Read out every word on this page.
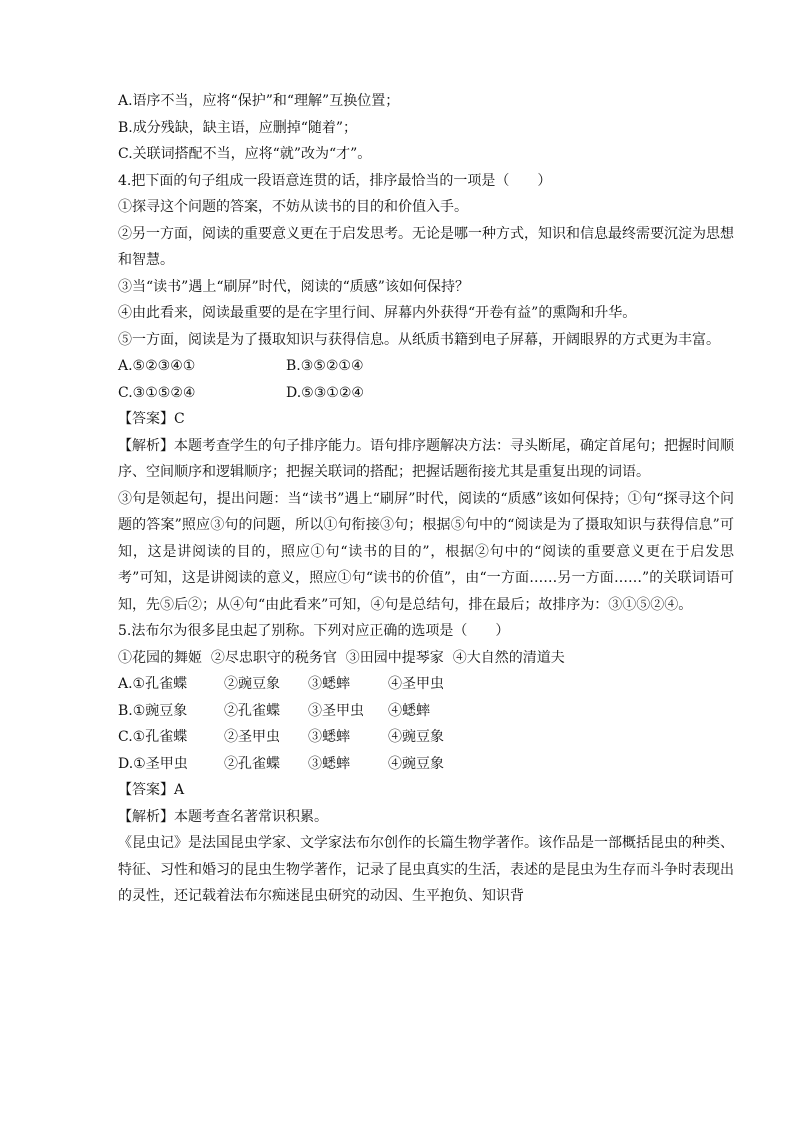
A.语序不当，应将“保护”和“理解”互换位置；
B.成分残缺，缺主语，应删掉“随着”；
C.关联词搭配不当，应将“就”改为“才”。
4.把下面的句子组成一段语意连贯的话，排序最恰当的一项是（　　）
①探寻这个问题的答案，不妨从读书的目的和价值入手。
②另一方面，阅读的重要意义更在于启发思考。无论是哪一种方式，知识和信息最终需要沉淀为思想和智慧。
③当“读书”遇上“刷屏”时代，阅读的“质感”该如何保持？
④由此看来，阅读最重要的是在字里行间、屏幕内外获得“开卷有益”的熏陶和升华。
⑤一方面，阅读是为了摄取知识与获得信息。从纸质书籍到电子屏幕，开阔眼界的方式更为丰富。
A.⑤②③④①	B.③⑤②①④
C.③①⑤②④	D.⑤③①②④
【答案】C
【解析】本题考查学生的句子排序能力。语句排序题解决方法：寻头断尾，确定首尾句；把握时间顺序、空间顺序和逻辑顺序；把握关联词的搭配；把握话题衔接尤其是重复出现的词语。
③句是领起句，提出问题：当“读书”遇上“刷屏”时代，阅读的“质感”该如何保持；①句“探寻这个问题的答案”照应③句的问题，所以①句衔接③句；根据⑤句中的“阅读是为了摄取知识与获得信息”可知，这是讲阅读的目的，照应①句“读书的目的”，根据②句中的“阅读的重要意义更在于启发思考”可知，这是讲阅读的意义，照应①句“读书的价值”，由“一方面……另一方面……”的关联词语可知，先⑤后②；从④句“由此看来”可知，④句是总结句，排在最后；故排序为：③①⑤②④。
5.法布尔为很多昆虫起了别称。下列对应正确的选项是（　　）
①花园的舞姬  ②尽忠职守的税务官  ③田园中提琴家  ④大自然的清道夫
A.①孔雀蝶	②豌豆象	③蟋蟀	④圣甲虫
B.①豌豆象	②孔雀蝶	③圣甲虫	④蟋蟀
C.①孔雀蝶	②圣甲虫	③蟋蟀	④豌豆象
D.①圣甲虫	②孔雀蝶	③蟋蟀	④豌豆象
【答案】A
【解析】本题考查名著常识积累。
《昆虫记》是法国昆虫学家、文学家法布尔创作的长篇生物学著作。该作品是一部概括昆虫的种类、特征、习性和婚习的昆虫生物学著作，记录了昆虫真实的生活，表述的是昆虫为生存而斗争时表现出的灵性，还记载着法布尔痴迷昆虫研究的动因、生平抱负、知识背
